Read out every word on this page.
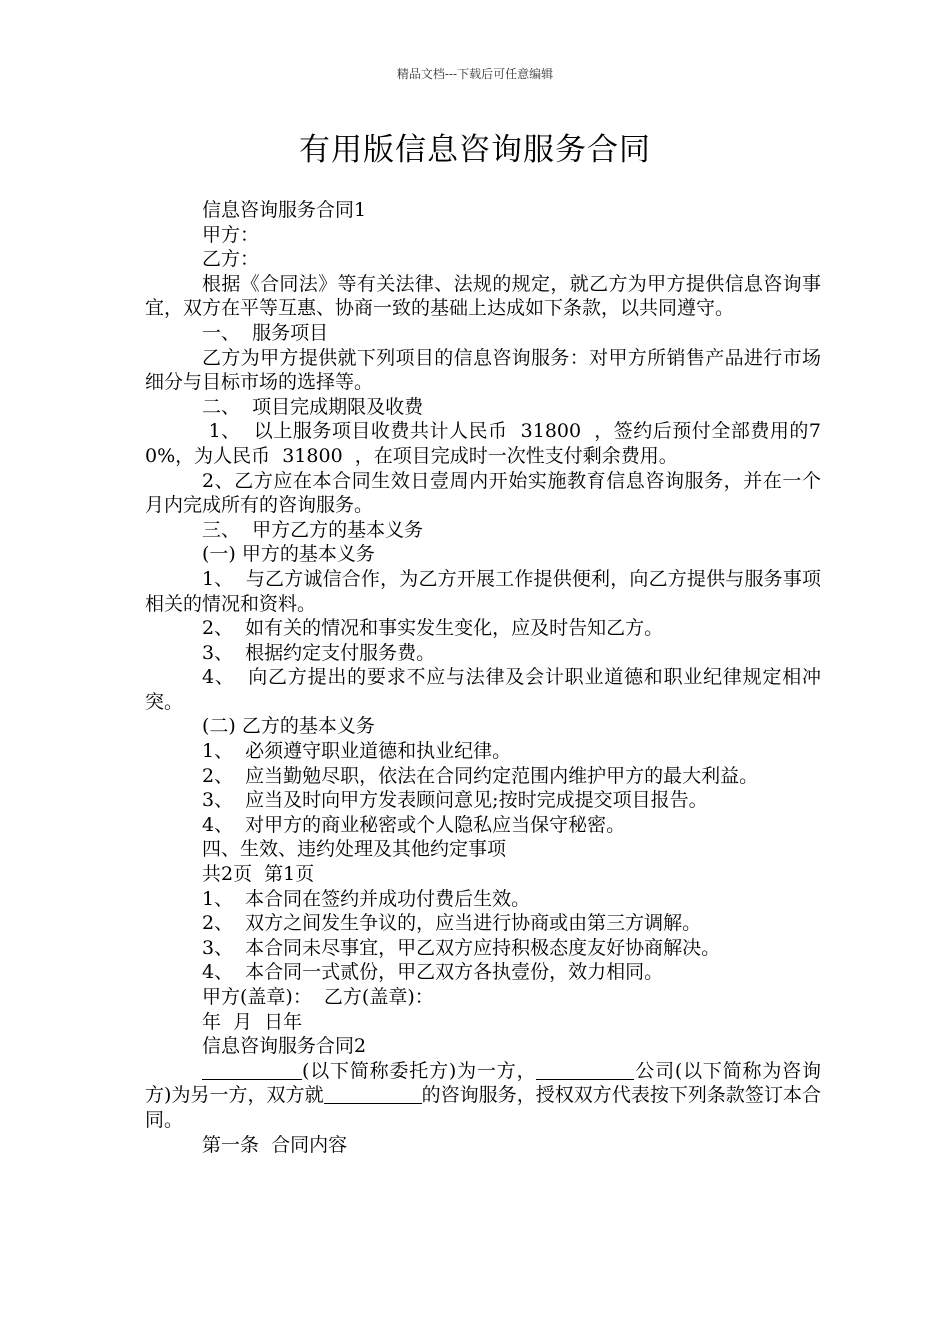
精品文档---下载后可任意编辑
有用版信息咨询服务合同

信息咨询服务合同1

甲方：

乙方：

根据《合同法》等有关法律、法规的规定，就乙方为甲方提供信息咨询事宜，双方在平等互惠、协商一致的基础上达成如下条款，以共同遵守。

一、  服务项目

乙方为甲方提供就下列项目的信息咨询服务：对甲方所销售产品进行市场细分与目标市场的选择等。

二、  项目完成期限及收费

1、  以上服务项目收费共计人民币  31800  ，签约后预付全部费用的70%，为人民币  31800  ，在项目完成时一次性支付剩余费用。

2、乙方应在本合同生效日壹周内开始实施教育信息咨询服务，并在一个月内完成所有的咨询服务。

三、  甲方乙方的基本义务

(一) 甲方的基本义务

1、  与乙方诚信合作，为乙方开展工作提供便利，向乙方提供与服务事项相关的情况和资料。

2、  如有关的情况和事实发生变化，应及时告知乙方。

3、  根据约定支付服务费。

4、  向乙方提出的要求不应与法律及会计职业道德和职业纪律规定相冲突。

(二) 乙方的基本义务

1、  必须遵守职业道德和执业纪律。

2、  应当勤勉尽职，依法在合同约定范围内维护甲方的最大利益。

3、  应当及时向甲方发表顾问意见;按时完成提交项目报告。

4、  对甲方的商业秘密或个人隐私应当保守秘密。

四、生效、违约处理及其他约定事项

共2页  第1页

1、  本合同在签约并成功付费后生效。

2、  双方之间发生争议的，应当进行协商或由第三方调解。

3、  本合同未尽事宜，甲乙双方应持积极态度友好协商解决。

4、  本合同一式贰份，甲乙双方各执壹份，效力相同。

甲方(盖章)：  乙方(盖章)：

年  月  日年

信息咨询服务合同2

(以下简称委托方)为一方，	公司(以下简称为咨询方)为另一方，双方就	的咨询服务，授权双方代表按下列条款签订本合同。

第一条  合同内容
